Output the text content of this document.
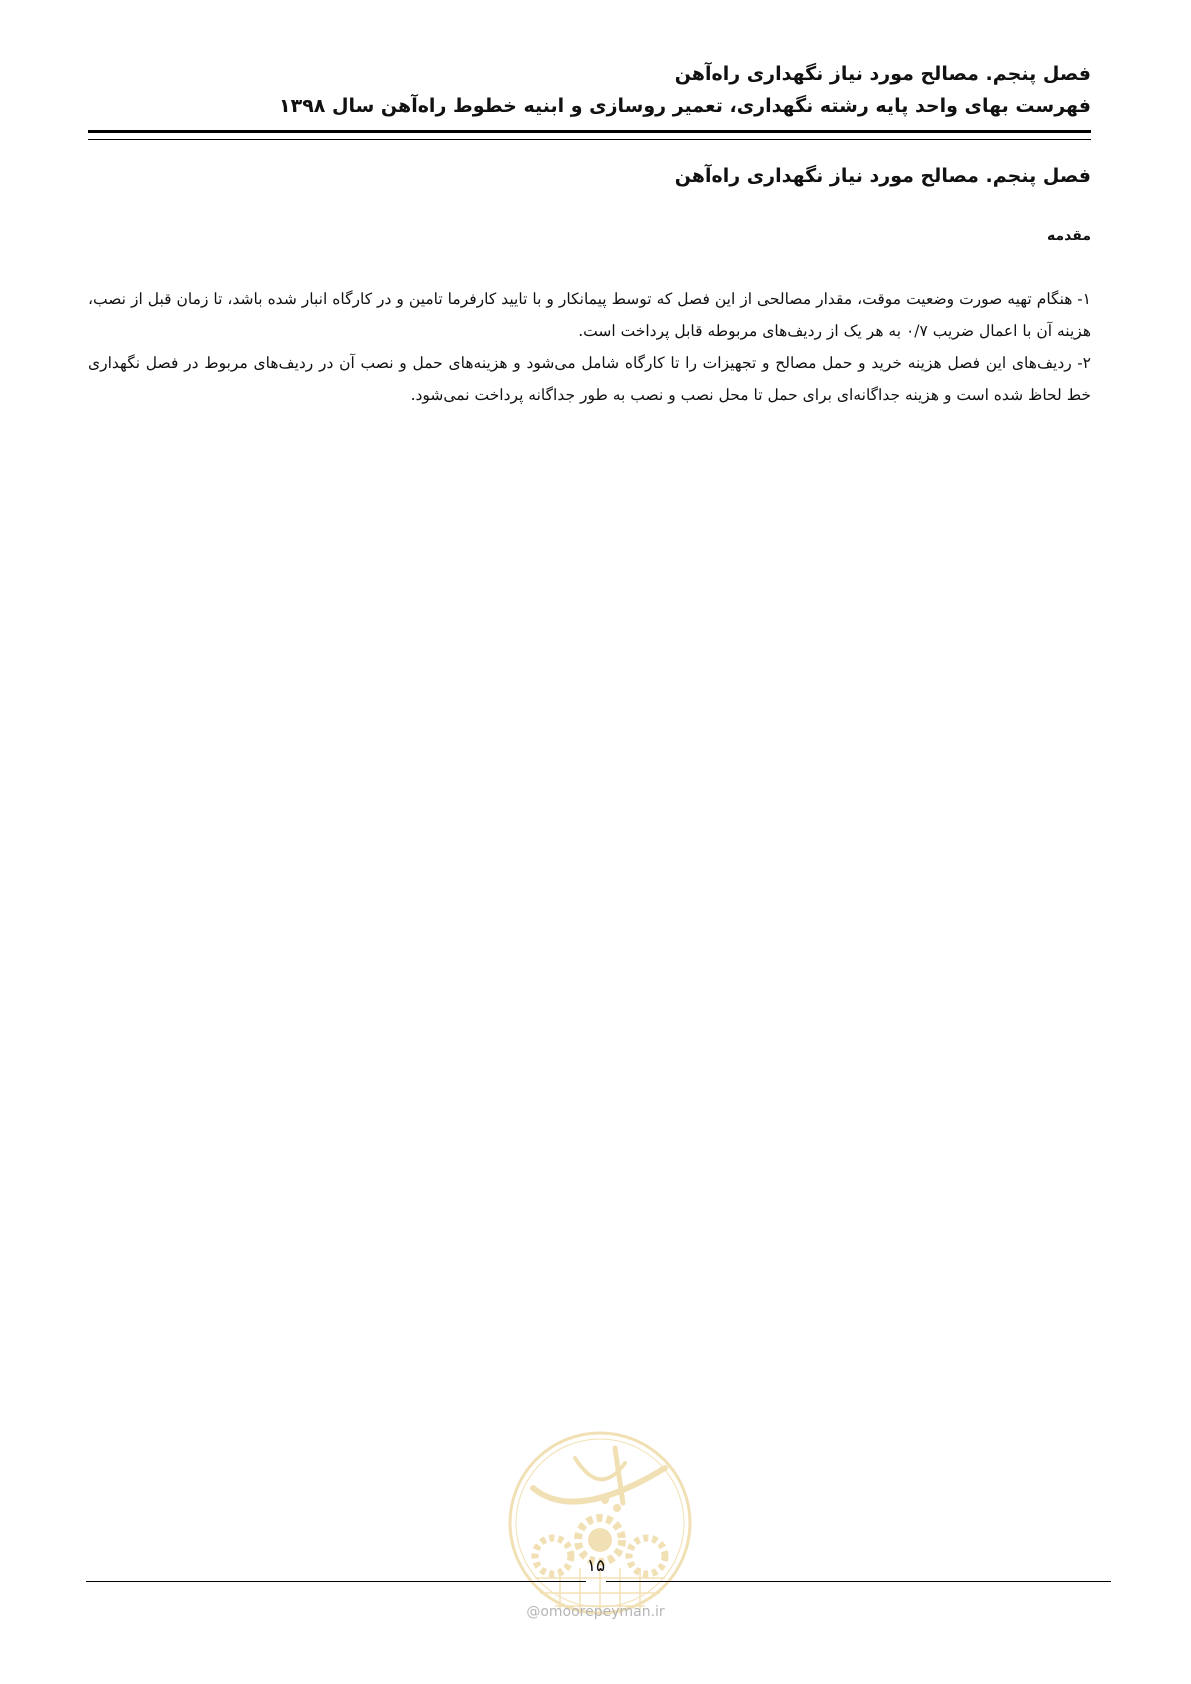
فصل پنجم. مصالح مورد نیاز نگهداری راه‌آهن
فهرست بهای واحد پایه رشته نگهداری، تعمیر روسازی و ابنیه خطوط راه‌آهن سال ۱۳۹۸
فصل پنجم. مصالح مورد نیاز نگهداری راه‌آهن
مقدمه

۱- هنگام تهیه صورت وضعیت موقت، مقدار مصالحی از این فصل که توسط پیمانکار و با تایید کارفرما تامین و در کارگاه انبار شده باشد، تا زمان قبل از نصب، هزینه آن با اعمال ضریب ۰/۷ به هر یک از ردیف‌های مربوطه قابل پرداخت است.

۲- ردیف‌های این فصل هزینه خرید و حمل مصالح و تجهیزات را تا کارگاه شامل می‌شود و هزینه‌های حمل و نصب آن در ردیف‌های مربوط در فصل نگهداری خط لحاظ شده است و هزینه جداگانه‌ای برای حمل تا محل نصب و نصب به طور جداگانه پرداخت نمی‌شود.

۱۵
@omoorepeyman.ir
